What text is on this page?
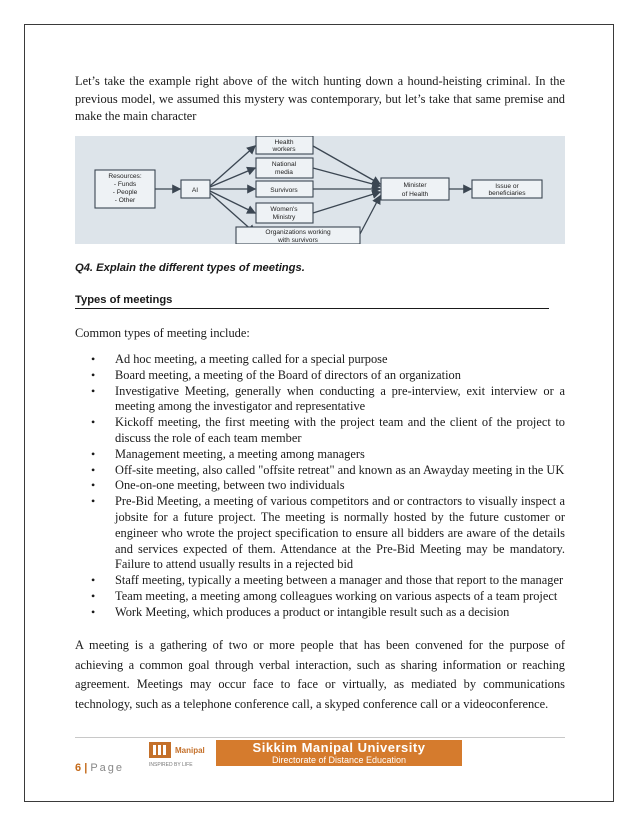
Let’s take the example right above of the witch hunting down a hound-heisting criminal. In the previous model, we assumed this mystery was contemporary, but let’s take that same premise and make the main character
Resources:
- Funds
- People
- Other
AI
Health
workers
National
media
Survivors
Women's
Ministry
Organizations working
with survivors
Minister
of Health
Issue or
beneficiaries
Q4. Explain the different types of meetings.
Types of meetings
Common types of meeting include:
• Ad hoc meeting, a meeting called for a special purpose
• Board meeting, a meeting of the Board of directors of an organization
• Investigative Meeting, generally when conducting a pre-interview, exit interview or a meeting among the investigator and representative
• Kickoff meeting, the first meeting with the project team and the client of the project to discuss the role of each team member
• Management meeting, a meeting among managers
• Off-site meeting, also called "offsite retreat" and known as an Awayday meeting in the UK
• One-on-one meeting, between two individuals
• Pre-Bid Meeting, a meeting of various competitors and or contractors to visually inspect a jobsite for a future project. The meeting is normally hosted by the future customer or engineer who wrote the project specification to ensure all bidders are aware of the details and services expected of them. Attendance at the Pre-Bid Meeting may be mandatory. Failure to attend usually results in a rejected bid
• Staff meeting, typically a meeting between a manager and those that report to the manager
• Team meeting, a meeting among colleagues working on various aspects of a team project
• Work Meeting, which produces a product or intangible result such as a decision
A meeting is a gathering of two or more people that has been convened for the purpose of achieving a common goal through verbal interaction, such as sharing information or reaching agreement. Meetings may occur face to face or virtually, as mediated by communications technology, such as a telephone conference call, a skyped conference call or a videoconference.
6 | Page
Manipal
INSPIRED BY LIFE
Sikkim Manipal University
Directorate of Distance Education
